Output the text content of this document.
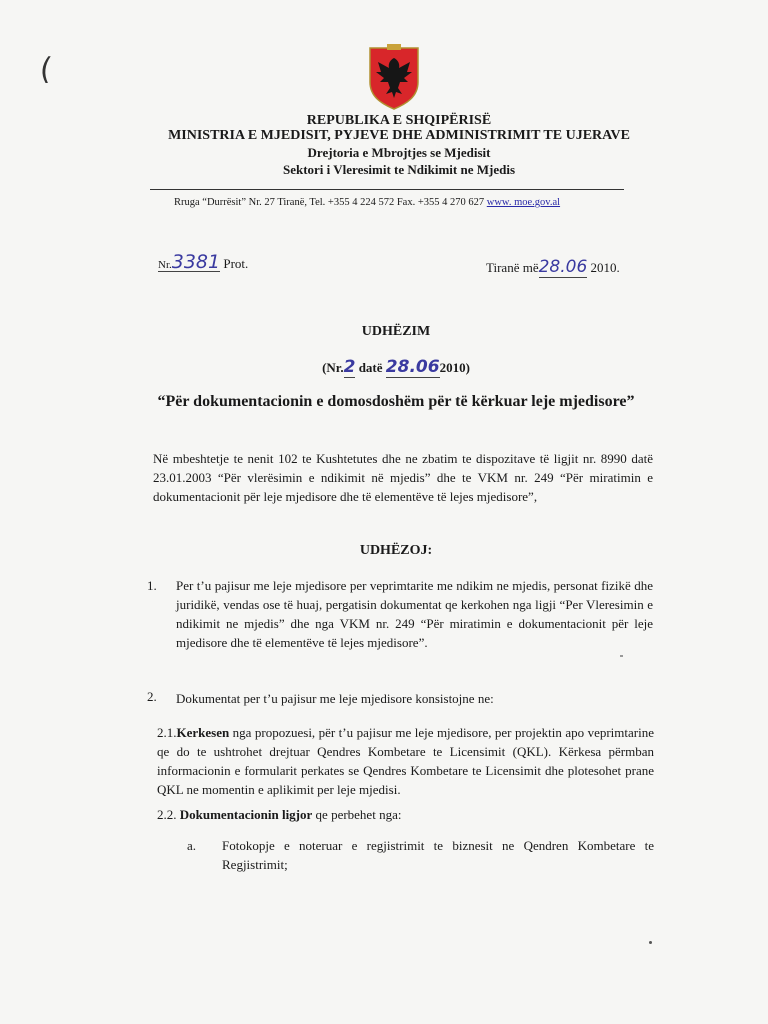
(
REPUBLIKA E SHQIPËRISË
MINISTRIA E MJEDISIT, PYJEVE DHE ADMINISTRIMIT TE UJERAVE
Drejtoria e Mbrojtjes se Mjedisit
Sektori i Vleresimit te Ndikimit ne Mjedis
Rruga “Durrësit” Nr. 27 Tiranë, Tel. +355 4 224 572 Fax. +355 4 270 627 www. moe.gov.al
Nr.3381 Prot.	Tiranë më28.06 2010.
UDHËZIM
(Nr.2 datë 28.062010)
“Për dokumentacionin e domosdoshëm për të kërkuar leje mjedisore”
Në mbeshtetje te nenit 102 te Kushtetutes dhe ne zbatim te dispozitave të ligjit nr. 8990 datë 23.01.2003 “Për vlerësimin e ndikimit në mjedis” dhe te VKM nr. 249 “Për miratimin e dokumentacionit për leje mjedisore dhe të elementëve të lejes mjedisore”,
UDHËZOJ:
1. Per t’u pajisur me leje mjedisore per veprimtarite me ndikim ne mjedis, personat fizikë dhe juridikë, vendas ose të huaj, pergatisin dokumentat qe kerkohen nga ligji “Per Vleresimin e ndikimit ne mjedis” dhe nga VKM nr. 249 “Për miratimin e dokumentacionit për leje mjedisore dhe të elementëve të lejes mjedisore”.
2. Dokumentat per t’u pajisur me leje mjedisore konsistojne ne:
2.1.Kerkesen nga propozuesi, për t’u pajisur me leje mjedisore, per projektin apo veprimtarine qe do te ushtrohet drejtuar Qendres Kombetare te Licensimit (QKL). Kërkesa përmban informacionin e formularit perkates se Qendres Kombetare te Licensimit dhe plotesohet prane QKL ne momentin e aplikimit per leje mjedisi.
2.2. Dokumentacionin ligjor qe perbehet nga:
a. Fotokopje e noteruar e regjistrimit te biznesit ne Qendren Kombetare te Regjistrimit;
